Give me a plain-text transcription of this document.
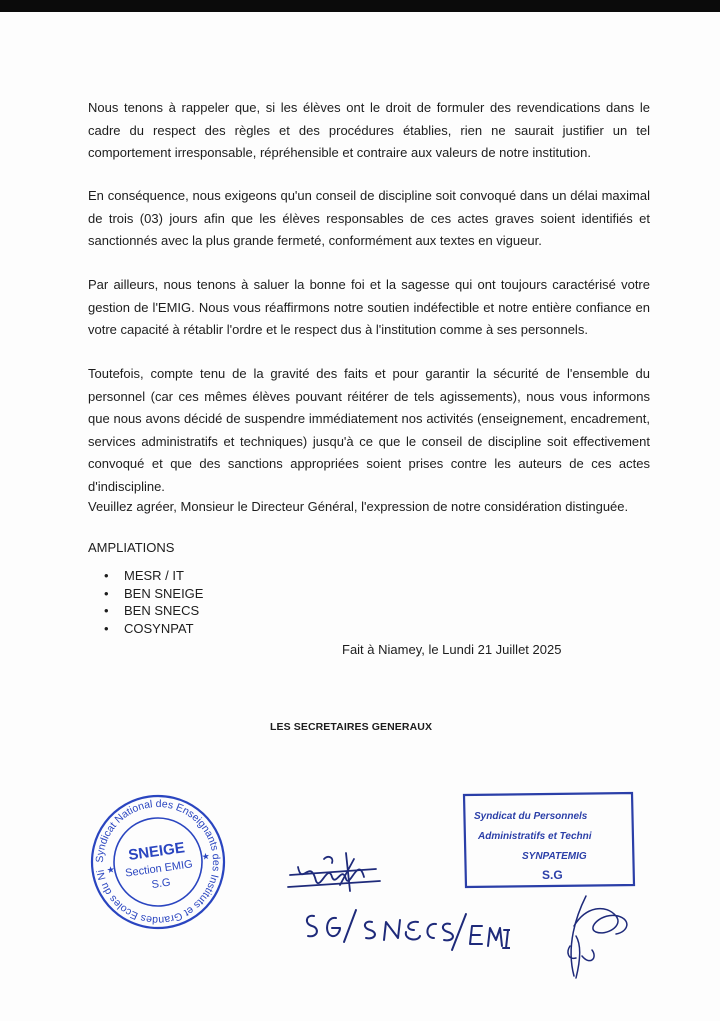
Nous tenons à rappeler que, si les élèves ont le droit de formuler des revendications dans le cadre du respect des règles et des procédures établies, rien ne saurait justifier un tel comportement irresponsable, répréhensible et contraire aux valeurs de notre institution.

En conséquence, nous exigeons qu'un conseil de discipline soit convoqué dans un délai maximal de trois (03) jours afin que les élèves responsables de ces actes graves soient identifiés et sanctionnés avec la plus grande fermeté, conformément aux textes en vigueur.

Par ailleurs, nous tenons à saluer la bonne foi et la sagesse qui ont toujours caractérisé votre gestion de l'EMIG. Nous vous réaffirmons notre soutien indéfectible et notre entière confiance en votre capacité à rétablir l'ordre et le respect dus à l'institution comme à ses personnels.

Toutefois, compte tenu de la gravité des faits et pour garantir la sécurité de l'ensemble du personnel (car ces mêmes élèves pouvant réitérer de tels agissements), nous vous informons que nous avons décidé de suspendre immédiatement nos activités (enseignement, encadrement, services administratifs et techniques) jusqu'à ce que le conseil de discipline soit effectivement convoqué et que des sanctions appropriées soient prises contre les auteurs de ces actes d'indiscipline.

Veuillez agréer, Monsieur le Directeur Général, l'expression de notre considération distinguée.

AMPLIATIONS

• MESR / IT
• BEN SNEIGE
• BEN SNECS
• COSYNPAT

Fait à Niamey, le Lundi 21 Juillet 2025

LES SECRETAIRES GENERAUX

Syndicat National des Enseignants des Instituts et Grandes Ecoles du Niger
SNEIGE
Section EMIG
S.G
★
★
Syndicat du Personnels
Administratifs et Techni
SYNPATEMIG
S.G
